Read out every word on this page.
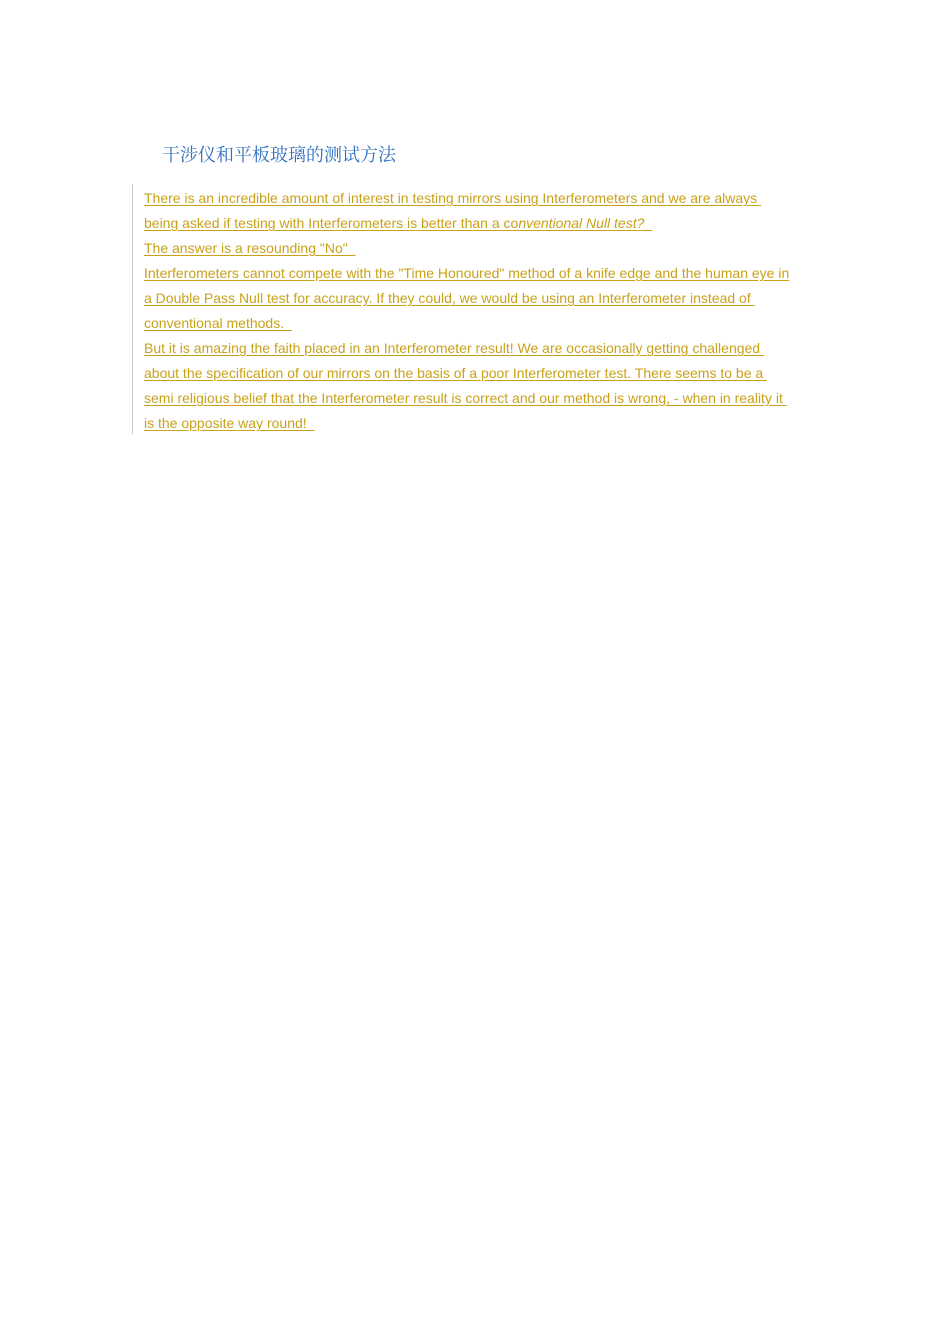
干涉仪和平板玻璃的测试方法

There is an incredible amount of interest in testing mirrors using Interferometers and we are always

being asked if testing with Interferometers is better than a conventional Null test?

The answer is a resounding "No"

Interferometers cannot compete with the "Time Honoured" method of a knife edge and the human eye in

a Double Pass Null test for accuracy. If they could, we would be using an Interferometer instead of

conventional methods.

But it is amazing the faith placed in an Interferometer result! We are occasionally getting challenged

about the specification of our mirrors on the basis of a poor Interferometer test. There seems to be a

semi religious belief that the Interferometer result is correct and our method is wrong, - when in reality it

is the opposite way round!
